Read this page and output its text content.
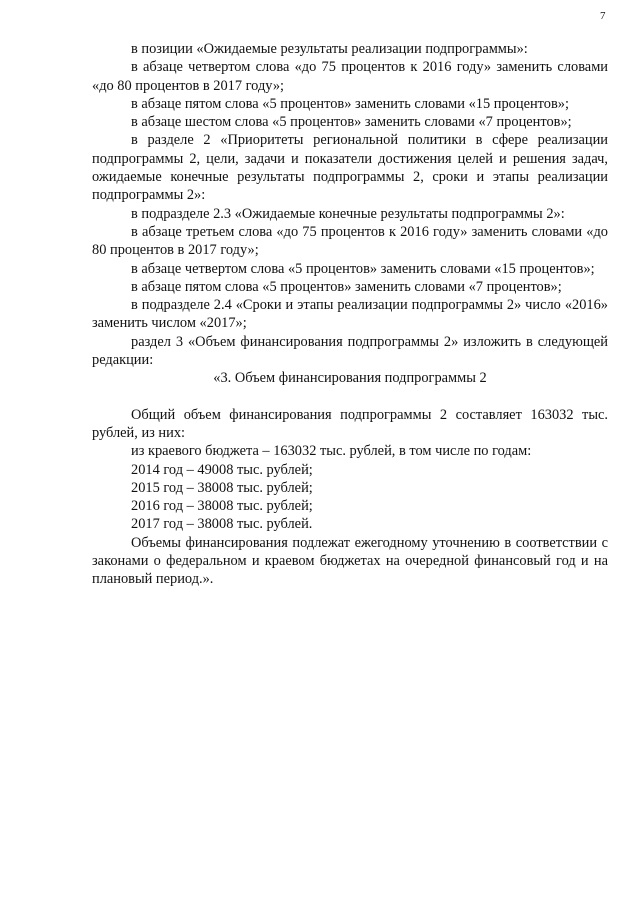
7

в позиции «Ожидаемые результаты реализации подпрограммы»:

в абзаце четвертом слова «до 75 процентов к 2016 году» заменить словами «до 80 процентов в 2017 году»;

в абзаце пятом слова «5 процентов» заменить словами «15 процентов»;

в абзаце шестом слова «5 процентов» заменить словами «7 процентов»;

в разделе 2 «Приоритеты региональной политики в сфере реализации подпрограммы 2, цели, задачи и показатели достижения целей и решения задач, ожидаемые конечные результаты подпрограммы 2, сроки и этапы реализации подпрограммы 2»:

в подразделе 2.3 «Ожидаемые конечные результаты подпрограммы 2»:

в абзаце третьем слова «до 75 процентов к 2016 году» заменить словами «до 80 процентов в 2017 году»;

в абзаце четвертом слова «5 процентов» заменить словами «15 процентов»;

в абзаце пятом слова «5 процентов» заменить словами «7 процентов»;

в подразделе 2.4 «Сроки и этапы реализации подпрограммы 2» число «2016» заменить числом «2017»;

раздел 3 «Объем финансирования подпрограммы 2» изложить в следующей редакции:

«3. Объем финансирования подпрограммы 2

Общий объем финансирования подпрограммы 2 составляет 163032 тыс. рублей, из них:

из краевого бюджета – 163032 тыс. рублей, в том числе по годам:

2014 год – 49008 тыс. рублей;

2015 год – 38008 тыс. рублей;

2016 год – 38008 тыс. рублей;

2017 год – 38008 тыс. рублей.

Объемы финансирования подлежат ежегодному уточнению в соответствии с законами о федеральном и краевом бюджетах на очередной финансовый год и на плановый период.».
